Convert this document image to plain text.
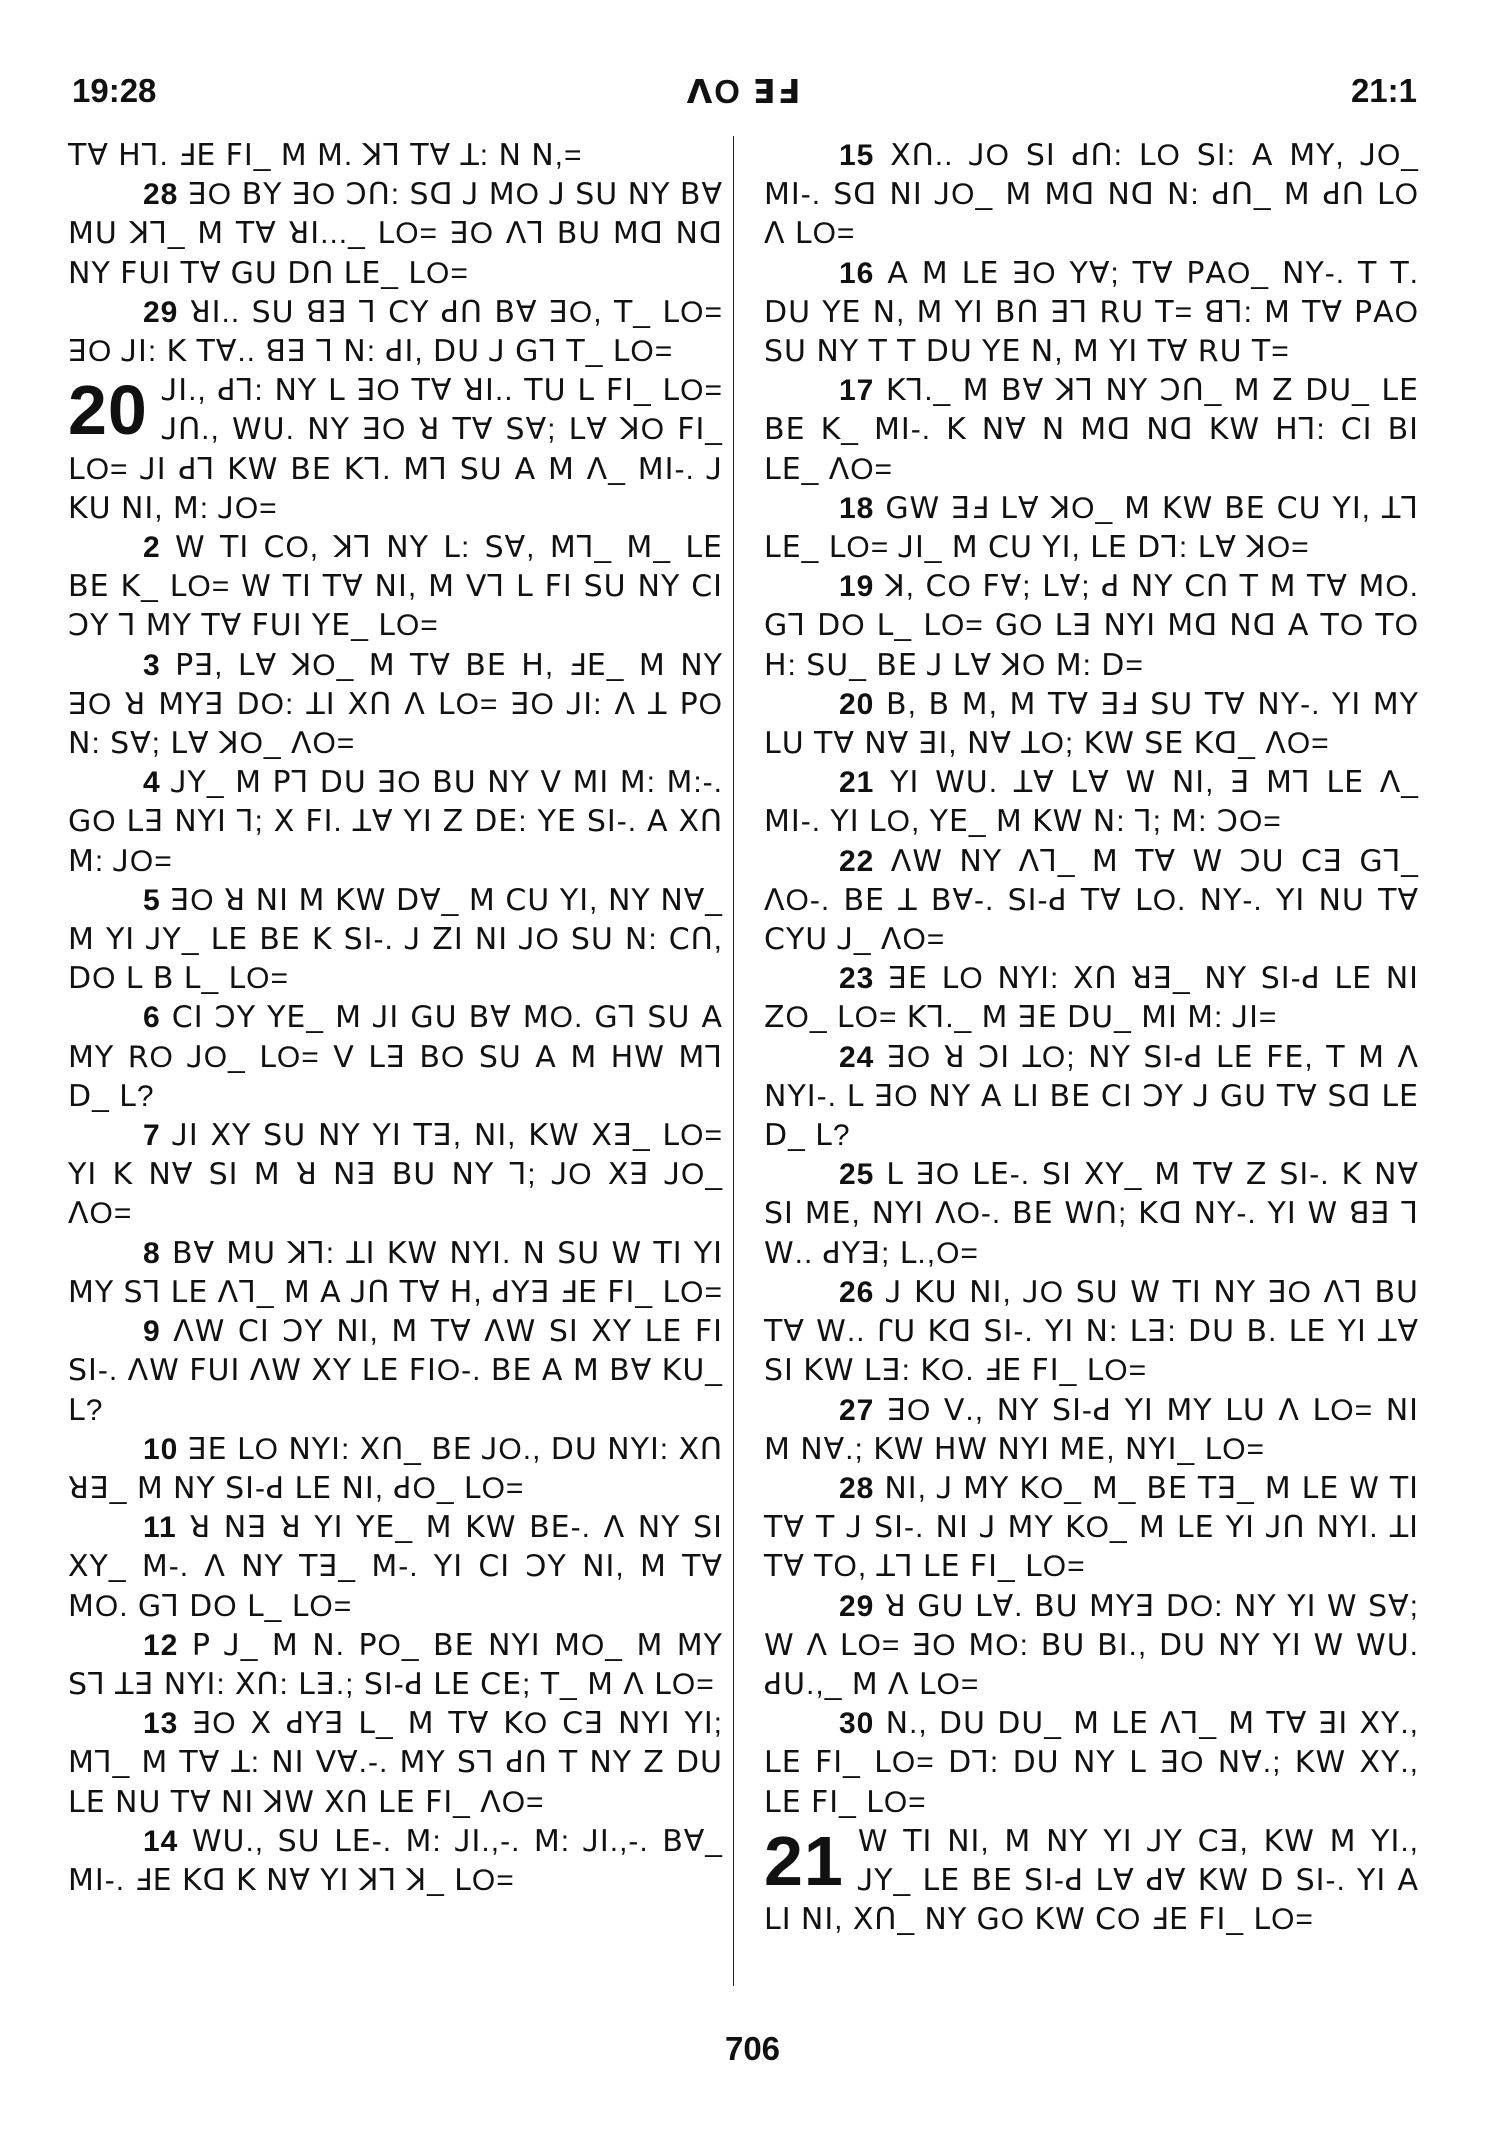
19:28	ꓥO ꓱꓞ	21:1

ꓔꓯ ꓧꓶ. ꓞꓰ ꓝꓲ_ ꓟ ꓟ. ꓘꓶ ꓔꓯ ꓕ: ꓠ ꓠ,=

28 ꓱO ꓐꓬ ꓱO ꓛꓵ: ꓢꓷ ꓙ ꓟO ꓙ ꓢꓴ ꓠꓬ ꓐꓯ ꓟꓴ ꓘꓶ_ ꓟ ꓔꓯ ꓤꓲ..._ ꓡO= ꓱO ꓥꓶ ꓐꓴ ꓟꓷ ꓠꓷ ꓠꓬ ꓝꓴꓲ ꓔꓯ ꓖꓴ ꓓꓵ ꓡꓰ_ ꓡO=

29 ꓤꓲ.. ꓢꓴ ꓭꓱ ꓶ ꓚꓬ ꓒꓵ ꓐꓯ ꓱO, ꓔ_ ꓡO= ꓱO ꓙꓲ: ꓗ ꓔꓯ.. ꓭꓱ ꓶ ꓠ: ꓒꓲ, ꓓꓴ ꓙ ꓖꓶ ꓔ_ ꓡO=

20 ꓙꓲ., ꓒꓶ: ꓠꓬ ꓡ ꓱO ꓔꓯ ꓤꓲ.. ꓔꓴ ꓡ ꓝꓲ_ ꓡO= ꓙꓵ., ꓪꓴ. ꓠꓬ ꓱO ꓤ ꓔꓯ ꓢꓯ; ꓡꓯ ꓘO ꓝꓲ_ ꓡO= ꓙꓲ ꓒꓶ ꓗꓪ ꓐꓰ ꓗꓶ. ꓟꓶ ꓢꓴ ꓮ ꓟ ꓥ_ ꓟꓲ-. ꓙ ꓗꓴ ꓠꓲ, ꓟ: ꓙO=

2 ꓪ ꓔꓲ ꓚO, ꓘꓶ ꓠꓬ ꓡ: ꓢꓯ, ꓟꓶ_ ꓟ_ ꓡꓰ ꓐꓰ ꓗ_ ꓡO= ꓪ ꓔꓲ ꓔꓯ ꓠꓲ, ꓟ ꓦꓶ ꓡ ꓝꓲ ꓢꓴ ꓠꓬ ꓚꓲ ꓛꓬ ꓶ ꓟꓬ ꓔꓯ ꓝꓴꓲ ꓬꓰ_ ꓡO=

3 ꓑꓱ, ꓡꓯ ꓘO_ ꓟ ꓔꓯ ꓐꓰ ꓧ, ꓞꓰ_ ꓟ ꓠꓬ ꓱO ꓤ ꓟꓬꓱ ꓓO: ꓕꓲ ꓫꓵ ꓥ ꓡO= ꓱO ꓙꓲ: ꓥ ꓕ ꓑO ꓠ: ꓢꓯ; ꓡꓯ ꓘO_ ꓥO=

4 ꓙꓬ_ ꓟ ꓑꓶ ꓓꓴ ꓱO ꓐꓴ ꓠꓬ ꓦ ꓟꓲ ꓟ: ꓟ:-. ꓖO ꓡꓱ ꓠꓬꓲ ꓶ; ꓫ ꓝꓲ. ꓕꓯ ꓬꓲ ꓜ ꓓꓰ: ꓬꓰ ꓢꓲ-. ꓮ ꓫꓵ ꓟ: ꓙO=

5 ꓱO ꓤ ꓠꓲ ꓟ ꓗꓪ ꓓꓯ_ ꓟ ꓚꓴ ꓬꓲ, ꓠꓬ ꓠꓯ_ ꓟ ꓬꓲ ꓙꓬ_ ꓡꓰ ꓐꓰ ꓗ ꓢꓲ-. ꓙ ꓜꓲ ꓠꓲ ꓙO ꓢꓴ ꓠ: ꓚꓵ, ꓓO ꓡ ꓐ ꓡ_ ꓡO=

6 ꓚꓲ ꓛꓬ ꓬꓰ_ ꓟ ꓙꓲ ꓖꓴ ꓐꓯ ꓟO. ꓖꓶ ꓢꓴ ꓮ ꓟꓬ ꓣO ꓙO_ ꓡO= ꓦ ꓡꓱ ꓐO ꓢꓴ ꓮ ꓟ ꓧꓪ ꓟꓶ ꓓ_ ꓡ?

7 ꓙꓲ ꓫꓬ ꓢꓴ ꓠꓬ ꓬꓲ ꓔꓱ, ꓠꓲ, ꓗꓪ ꓫꓱ_ ꓡO= ꓬꓲ ꓗ ꓠꓯ ꓢꓲ ꓟ ꓤ ꓠꓱ ꓐꓴ ꓠꓬ ꓶ; ꓙO ꓫꓱ ꓙO_ ꓥO=

8 ꓐꓯ ꓟꓴ ꓘꓶ: ꓕꓲ ꓗꓪ ꓠꓬꓲ. ꓠ ꓢꓴ ꓪ ꓔꓲ ꓬꓲ ꓟꓬ ꓢꓶ ꓡꓰ ꓥꓶ_ ꓟ ꓮ ꓙꓵ ꓔꓯ ꓧ, ꓒꓬꓱ ꓞꓰ ꓝꓲ_ ꓡO=

9 ꓥꓪ ꓚꓲ ꓛꓬ ꓠꓲ, ꓟ ꓔꓯ ꓥꓪ ꓢꓲ ꓫꓬ ꓡꓰ ꓝꓲ ꓢꓲ-. ꓥꓪ ꓝꓴꓲ ꓥꓪ ꓫꓬ ꓡꓰ ꓝꓲO-. ꓐꓰ ꓮ ꓟ ꓐꓯ ꓗꓴ_ ꓡ?

10 ꓱꓰ ꓡO ꓠꓬꓲ: ꓫꓵ_ ꓐꓰ ꓙO., ꓓꓴ ꓠꓬꓲ: ꓫꓵ ꓤꓱ_ ꓟ ꓠꓬ ꓢꓲ-ꓒ ꓡꓰ ꓠꓲ, ꓒO_ ꓡO=

11 ꓤ ꓠꓱ ꓤ ꓬꓲ ꓬꓰ_ ꓟ ꓗꓪ ꓐꓰ-. ꓥ ꓠꓬ ꓢꓲ ꓫꓬ_ ꓟ-. ꓥ ꓠꓬ ꓔꓱ_ ꓟ-. ꓬꓲ ꓚꓲ ꓛꓬ ꓠꓲ, ꓟ ꓔꓯ ꓟO. ꓖꓶ ꓓO ꓡ_ ꓡO=

12 ꓑ ꓙ_ ꓟ ꓠ. ꓑO_ ꓐꓰ ꓠꓬꓲ ꓟO_ ꓟ ꓟꓬ ꓢꓶ ꓕꓱ ꓠꓬꓲ: ꓫꓵ: ꓡꓱ.; ꓢꓲ-ꓒ ꓡꓰ ꓚꓰ; ꓔ_ ꓟ ꓥ ꓡO=

13 ꓱO ꓫ ꓒꓬꓱ ꓡ_ ꓟ ꓔꓯ ꓗO ꓚꓱ ꓠꓬꓲ ꓬꓲ; ꓟꓶ_ ꓟ ꓔꓯ ꓕ: ꓠꓲ ꓦꓯ.-. ꓟꓬ ꓢꓶ ꓒꓵ ꓔ ꓠꓬ ꓜ ꓓꓴ ꓡꓰ ꓠꓴ ꓔꓯ ꓠꓲ ꓘꓪ ꓫꓵ ꓡꓰ ꓝꓲ_ ꓥO=

14 ꓪꓴ., ꓢꓴ ꓡꓰ-. ꓟ: ꓙꓲ.,-. ꓟ: ꓙꓲ.,-. ꓐꓯ_ ꓟꓲ-. ꓞꓰ ꓗꓷ ꓗ ꓠꓯ ꓬꓲ ꓘꓶ ꓘ_ ꓡO=

15 ꓫꓵ.. ꓙO ꓢꓲ ꓒꓵ: ꓡO ꓢꓲ: ꓮ ꓟꓬ, ꓙO_ ꓟꓲ-. ꓢꓷ ꓠꓲ ꓙO_ ꓟ ꓟꓷ ꓠꓷ ꓠ: ꓒꓵ_ ꓟ ꓒꓵ ꓡO ꓥ ꓡO=

16 ꓮ ꓟ ꓡꓰ ꓱO ꓬꓯ; ꓔꓯ ꓑꓮO_ ꓠꓬ-. ꓔ ꓔ. ꓓꓴ ꓬꓰ ꓠ, ꓟ ꓬꓲ ꓐꓵ ꓱꓶ ꓣꓴ ꓔ= ꓭꓶ: ꓟ ꓔꓯ ꓑꓮO ꓢꓴ ꓠꓬ ꓔ ꓔ ꓓꓴ ꓬꓰ ꓠ, ꓟ ꓬꓲ ꓔꓯ ꓣꓴ ꓔ=

17 ꓗꓶ._ ꓟ ꓐꓯ ꓘꓶ ꓠꓬ ꓛꓵ_ ꓟ ꓜ ꓓꓴ_ ꓡꓰ ꓐꓰ ꓗ_ ꓟꓲ-. ꓗ ꓠꓯ ꓠ ꓟꓷ ꓠꓷ ꓗꓪ ꓧꓶ: ꓚꓲ ꓐꓲ ꓡꓰ_ ꓥO=

18 ꓖꓪ ꓱꓞ ꓡꓯ ꓘO_ ꓟ ꓗꓪ ꓐꓰ ꓚꓴ ꓬꓲ, ꓕꓶ ꓡꓰ_ ꓡO= ꓙꓲ_ ꓟ ꓚꓴ ꓬꓲ, ꓡꓰ ꓓꓶ: ꓡꓯ ꓘO=

19 ꓘ, ꓚO ꓝꓯ; ꓡꓯ; ꓒ ꓠꓬ ꓚꓵ ꓔ ꓟ ꓔꓯ ꓟO. ꓖꓶ ꓓO ꓡ_ ꓡO= ꓖO ꓡꓱ ꓠꓬꓲ ꓟꓷ ꓠꓷ ꓮ ꓔO ꓔO ꓧ: ꓢꓴ_ ꓐꓰ ꓙ ꓡꓯ ꓘO ꓟ: ꓓ=

20 ꓐ, ꓐ ꓟ, ꓟ ꓔꓯ ꓱꓞ ꓢꓴ ꓔꓯ ꓠꓬ-. ꓬꓲ ꓟꓬ ꓡꓴ ꓔꓯ ꓠꓯ ꓱꓲ, ꓠꓯ ꓕO; ꓗꓪ ꓢꓰ ꓗꓷ_ ꓥO=

21 ꓬꓲ ꓪꓴ. ꓕꓯ ꓡꓯ ꓪ ꓠꓲ, ꓱ ꓟꓶ ꓡꓰ ꓥ_ ꓟꓲ-. ꓬꓲ ꓡO, ꓬꓰ_ ꓟ ꓗꓪ ꓠ: ꓶ; ꓟ: ꓛO=

22 ꓥꓪ ꓠꓬ ꓥꓶ_ ꓟ ꓔꓯ ꓪ ꓛꓴ ꓚꓱ ꓖꓶ_ ꓥO-. ꓐꓰ ꓕ ꓐꓯ-. ꓢꓲ-ꓒ ꓔꓯ ꓡO. ꓠꓬ-. ꓬꓲ ꓠꓴ ꓔꓯ ꓚꓬꓴ ꓙ_ ꓥO=

23 ꓱꓰ ꓡO ꓠꓬꓲ: ꓫꓵ ꓤꓱ_ ꓠꓬ ꓢꓲ-ꓒ ꓡꓰ ꓠꓲ ꓜO_ ꓡO= ꓗꓶ._ ꓟ ꓱꓰ ꓓꓴ_ ꓟꓲ ꓟ: ꓙꓲ=

24 ꓱO ꓤ ꓛꓲ ꓕO; ꓠꓬ ꓢꓲ-ꓒ ꓡꓰ ꓝꓰ, ꓔ ꓟ ꓥ ꓠꓬꓲ-. ꓡ ꓱO ꓠꓬ ꓮ ꓡꓲ ꓐꓰ ꓚꓲ ꓛꓬ ꓙ ꓖꓴ ꓔꓯ ꓢꓷ ꓡꓰ ꓓ_ ꓡ?

25 ꓡ ꓱO ꓡꓰ-. ꓢꓲ ꓫꓬ_ ꓟ ꓔꓯ ꓜ ꓢꓲ-. ꓗ ꓠꓯ ꓢꓲ ꓟꓰ, ꓠꓬꓲ ꓥO-. ꓐꓰ ꓪꓵ; ꓗꓷ ꓠꓬ-. ꓬꓲ ꓪ ꓭꓱ ꓶ ꓪ.. ꓒꓬꓱ; ꓡ.,O=

26 ꓙ ꓗꓴ ꓠꓲ, ꓙO ꓢꓴ ꓪ ꓔꓲ ꓠꓬ ꓱO ꓥꓶ ꓐꓴ ꓔꓯ ꓪ.. ꓩꓴ ꓗꓷ ꓢꓲ-. ꓬꓲ ꓠ: ꓡꓱ: ꓓꓴ ꓐ. ꓡꓰ ꓬꓲ ꓕꓯ ꓢꓲ ꓗꓪ ꓡꓱ: ꓗO. ꓞꓰ ꓝꓲ_ ꓡO=

27 ꓱO ꓦ., ꓠꓬ ꓢꓲ-ꓒ ꓬꓲ ꓟꓬ ꓡꓴ ꓥ ꓡO= ꓠꓲ ꓟ ꓠꓯ.; ꓗꓪ ꓧꓪ ꓠꓬꓲ ꓟꓰ, ꓠꓬꓲ_ ꓡO=

28 ꓠꓲ, ꓙ ꓟꓬ ꓗO_ ꓟ_ ꓐꓰ ꓔꓱ_ ꓟ ꓡꓰ ꓪ ꓔꓲ ꓔꓯ ꓔ ꓙ ꓢꓲ-. ꓠꓲ ꓙ ꓟꓬ ꓗO_ ꓟ ꓡꓰ ꓬꓲ ꓙꓵ ꓠꓬꓲ. ꓕꓲ ꓔꓯ ꓔO, ꓕꓶ ꓡꓰ ꓝꓲ_ ꓡO=

29 ꓤ ꓖꓴ ꓡꓯ. ꓐꓴ ꓟꓬꓱ ꓓO: ꓠꓬ ꓬꓲ ꓪ ꓢꓯ; ꓪ ꓥ ꓡO= ꓱO ꓟO: ꓐꓴ ꓐꓲ., ꓓꓴ ꓠꓬ ꓬꓲ ꓪ ꓪꓴ. ꓒꓴ.,_ ꓟ ꓥ ꓡO=

30 ꓠ., ꓓꓴ ꓓꓴ_ ꓟ ꓡꓰ ꓥꓶ_ ꓟ ꓔꓯ ꓱꓲ ꓫꓬ., ꓡꓰ ꓝꓲ_ ꓡO= ꓓꓶ: ꓓꓴ ꓠꓬ ꓡ ꓱO ꓠꓯ.; ꓗꓪ ꓫꓬ., ꓡꓰ ꓝꓲ_ ꓡO=

21 ꓪ ꓔꓲ ꓠꓲ, ꓟ ꓠꓬ ꓬꓲ ꓙꓬ ꓚꓱ, ꓗꓪ ꓟ ꓬꓲ., ꓙꓬ_ ꓡꓰ ꓐꓰ ꓢꓲ-ꓒ ꓡꓯ ꓒꓯ ꓗꓪ ꓓ ꓢꓲ-. ꓬꓲ ꓮ ꓡꓲ ꓠꓲ, ꓫꓵ_ ꓠꓬ ꓖO ꓗꓪ ꓚO ꓞꓰ ꓝꓲ_ ꓡO=

706
